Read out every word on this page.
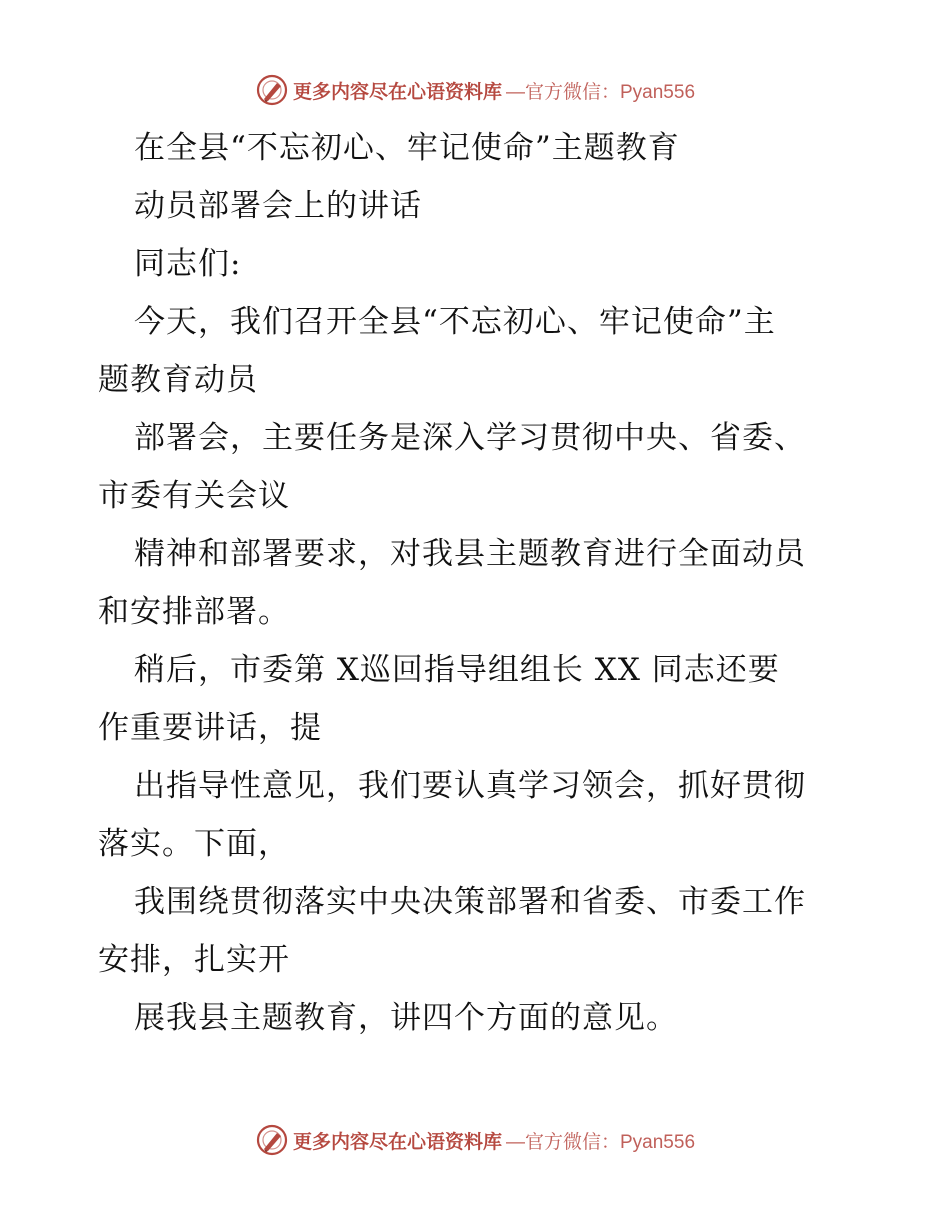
更多内容尽在心语资料库 —官方微信：Pyan556
在全县“不忘初心、牢记使命”主题教育
动员部署会上的讲话
同志们:
今天，我们召开全县“不忘初心、牢记使命”主
题教育动员
部署会，主要任务是深入学习贯彻中央、省委、
市委有关会议
精神和部署要求，对我县主题教育进行全面动员
和安排部署。
稍后，市委第 X巡回指导组组长 XX 同志还要
作重要讲话，提
出指导性意见，我们要认真学习领会，抓好贯彻
落实。下面，
我围绕贯彻落实中央决策部署和省委、市委工作
安排，扎实开
展我县主题教育，讲四个方面的意见。
更多内容尽在心语资料库 —官方微信：Pyan556
